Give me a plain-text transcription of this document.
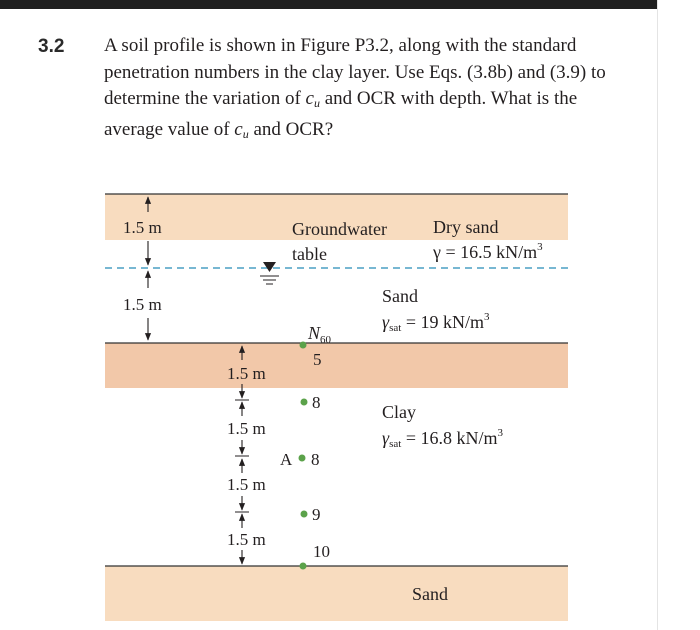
3.2 A soil profile is shown in Figure P3.2, along with the standard penetration numbers in the clay layer. Use Eqs. (3.8b) and (3.9) to determine the variation of $c_u$ and OCR with depth. What is the average value of $c_u$ and OCR?

1.5 m
1.5 m
Groundwater
table
Dry sand
γ = 16.5 $kN/m^3$
Sand
γsat = 19 $kN/m^3$
Clay
γsat = 16.8 $kN/m^3$
Sand
$N_{60}$
5
8
A 8
9
10
1.5 m
1.5 m
1.5 m
1.5 m
